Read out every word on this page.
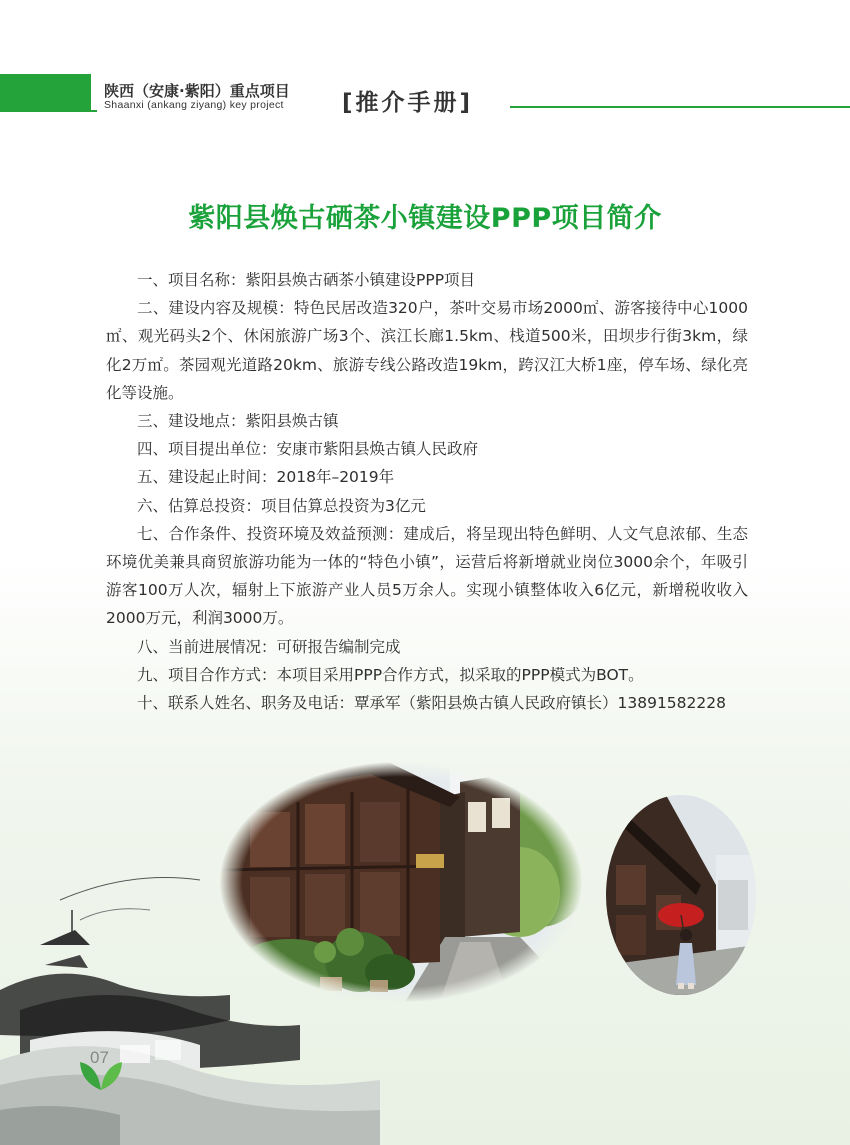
陕西（安康·紫阳）重点项目
Shaanxi (ankang ziyang) key project	[推介手册]
紫阳县焕古硒茶小镇建设PPP项目简介

一、项目名称：紫阳县焕古硒茶小镇建设PPP项目

二、建设内容及规模：特色民居改造320户，茶叶交易市场2000㎡、游客接待中心1000㎡、观光码头2个、休闲旅游广场3个、滨江长廊1.5km、栈道500米，田坝步行街3km，绿化2万㎡。茶园观光道路20km、旅游专线公路改造19km，跨汉江大桥1座，停车场、绿化亮化等设施。

三、建设地点：紫阳县焕古镇

四、项目提出单位：安康市紫阳县焕古镇人民政府

五、建设起止时间：2018年–2019年

六、估算总投资：项目估算总投资为3亿元

七、合作条件、投资环境及效益预测：建成后，将呈现出特色鲜明、人文气息浓郁、生态环境优美兼具商贸旅游功能为一体的“特色小镇”，运营后将新增就业岗位3000余个，年吸引游客100万人次，辐射上下旅游产业人员5万余人。实现小镇整体收入6亿元，新增税收收入2000万元，利润3000万。

八、当前进展情况：可研报告编制完成

九、项目合作方式：本项目采用PPP合作方式，拟采取的PPP模式为BOT。

十、联系人姓名、职务及电话：覃承军（紫阳县焕古镇人民政府镇长）13891582228

07
